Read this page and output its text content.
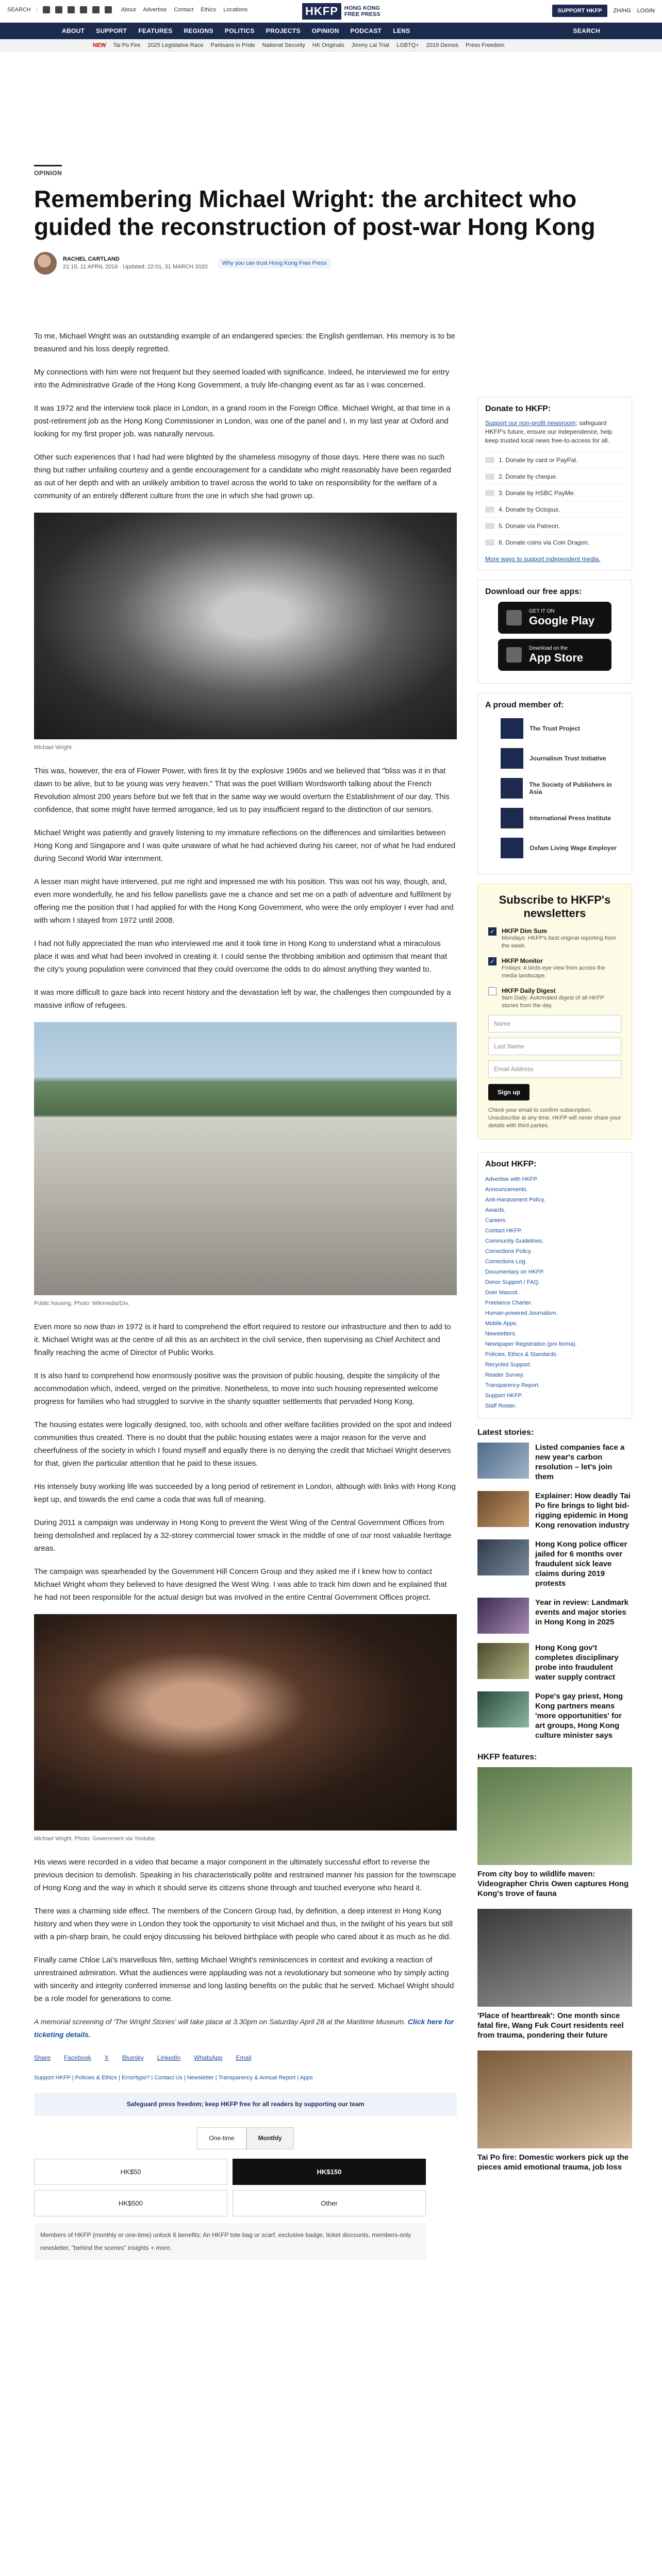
SEARCH |	About Advertise Contact Ethics Locations	HKFP	HONG KONG
FREE PRESS
SUPPORT HKFP	ZH/HG LOGIN
ABOUT SUPPORT FEATURES REGIONS POLITICS PROJECTS OPINION PODCAST LENS	SEARCH
NEW Tai Po Fire 2025 Legislative Race Partisans in Pride National Security HK Originals Jimmy Lai Trial LGBTQ+ 2019 Demos Press Freedom
OPINION
Remembering Michael Wright: the architect who guided the reconstruction of post-war Hong Kong
RACHEL CARTLAND
21:15, 11 APRIL 2018 · Updated: 22:01, 31 MARCH 2020
Why you can trust Hong Kong Free Press

To me, Michael Wright was an outstanding example of an endangered species: the English gentleman. His memory is to be treasured and his loss deeply regretted.

My connections with him were not frequent but they seemed loaded with significance. Indeed, he interviewed me for entry into the Administrative Grade of the Hong Kong Government, a truly life-changing event as far as I was concerned.

It was 1972 and the interview took place in London, in a grand room in the Foreign Office. Michael Wright, at that time in a post-retirement job as the Hong Kong Commissioner in London, was one of the panel and I, in my last year at Oxford and looking for my first proper job, was naturally nervous.

Other such experiences that I had had were blighted by the shameless misogyny of those days. Here there was no such thing but rather unfailing courtesy and a gentle encouragement for a candidate who might reasonably have been regarded as out of her depth and with an unlikely ambition to travel across the world to take on responsibility for the welfare of a community of an entirely different culture from the one in which she had grown up.

Michael Wright.

This was, however, the era of Flower Power, with fires lit by the explosive 1960s and we believed that "bliss was it in that dawn to be alive, but to be young was very heaven." That was the poet William Wordsworth talking about the French Revolution almost 200 years before but we felt that in the same way we would overturn the Establishment of our day. This confidence, that some might have termed arrogance, led us to pay insufficient regard to the distinction of our seniors.

Michael Wright was patiently and gravely listening to my immature reflections on the differences and similarities between Hong Kong and Singapore and I was quite unaware of what he had achieved during his career, nor of what he had endured during Second World War internment.

A lesser man might have intervened, put me right and impressed me with his position. This was not his way, though, and, even more wonderfully, he and his fellow panellists gave me a chance and set me on a path of adventure and fulfilment by offering me the position that I had applied for with the Hong Kong Government, who were the only employer I ever had and with whom I stayed from 1972 until 2008.

I had not fully appreciated the man who interviewed me and it took time in Hong Kong to understand what a miraculous place it was and what had been involved in creating it. I could sense the throbbing ambition and optimism that meant that the city's young population were convinced that they could overcome the odds to do almost anything they wanted to.

It was more difficult to gaze back into recent history and the devastation left by war, the challenges then compounded by a massive inflow of refugees.

Public housing. Photo: Wikimedia/Dix.

Even more so now than in 1972 is it hard to comprehend the effort required to restore our infrastructure and then to add to it. Michael Wright was at the centre of all this as an architect in the civil service, then supervising as Chief Architect and finally reaching the acme of Director of Public Works.

It is also hard to comprehend how enormously positive was the provision of public housing, despite the simplicity of the accommodation which, indeed, verged on the primitive. Nonetheless, to move into such housing represented welcome progress for families who had struggled to survive in the shanty squatter settlements that pervaded Hong Kong.

The housing estates were logically designed, too, with schools and other welfare facilities provided on the spot and indeed communities thus created. There is no doubt that the public housing estates were a major reason for the verve and cheerfulness of the society in which I found myself and equally there is no denying the credit that Michael Wright deserves for that, given the particular attention that he paid to these issues.

His intensely busy working life was succeeded by a long period of retirement in London, although with links with Hong Kong kept up, and towards the end came a coda that was full of meaning.

During 2011 a campaign was underway in Hong Kong to prevent the West Wing of the Central Government Offices from being demolished and replaced by a 32-storey commercial tower smack in the middle of one of our most valuable heritage areas.

The campaign was spearheaded by the Government Hill Concern Group and they asked me if I knew how to contact Michael Wright whom they believed to have designed the West Wing. I was able to track him down and he explained that he had not been responsible for the actual design but was involved in the entire Central Government Offices project.

Michael Wright. Photo: Government via Youtube.

His views were recorded in a video that became a major component in the ultimately successful effort to reverse the previous decision to demolish. Speaking in his characteristically polite and restrained manner his passion for the townscape of Hong Kong and the way in which it should serve its citizens shone through and touched everyone who heard it.

There was a charming side effect. The members of the Concern Group had, by definition, a deep interest in Hong Kong history and when they were in London they took the opportunity to visit Michael and thus, in the twilight of his years but still with a pin-sharp brain, he could enjoy discussing his beloved birthplace with people who cared about it as much as he did.

Finally came Chloe Lai's marvellous film, setting Michael Wright's reminiscences in context and evoking a reaction of unrestrained admiration. What the audiences were applauding was not a revolutionary but someone who by simply acting with sincerity and integrity conferred immense and long lasting benefits on the public that he served. Michael Wright should be a role model for generations to come.

A memorial screening of 'The Wright Stories' will take place at 3.30pm on Saturday April 28 at the Maritime Museum. Click here for ticketing details.

Share Facebook X Bluesky LinkedIn WhatsApp Email
Support HKFP | Policies & Ethics | Error/typo? | Contact Us | Newsletter | Transparency & Annual Report | Apps
Safeguard press freedom; keep HKFP free for all readers by supporting our team
One-time	Monthly
HK$50	HK$150
HK$500	Other
Members of HKFP (monthly or one-time) unlock 6 benefits: An HKFP tote bag or scarf, exclusive badge, ticket discounts, members-only newsletter, "behind the scenes" insights + more.
Donate to HKFP:
Support our non-profit newsroom; safeguard HKFP's future, ensure our independence, help keep trusted local news free-to-access for all.
1. Donate by card or PayPal.
2. Donate by cheque.
3. Donate by HSBC PayMe.
4. Donate by Octopus.
5. Donate via Patreon.
6. Donate coins via Coin Dragon.
More ways to support independent media.
Download our free apps:
GET IT ON
Google Play
Download on the
App Store
A proud member of:
The Trust Project
Journalism Trust Initiative
The Society of Publishers in Asia
International Press Institute
Oxfam Living Wage Employer
Subscribe to HKFP's newsletters
✓ HKFP Dim Sum
Mondays: HKFP's best original reporting from the week.
✓ HKFP Monitor
Fridays: A birds-eye view from across the media landscape.
HKFP Daily Digest
9am Daily: Automated digest of all HKFP stories from the day.
Name
Last Name
Email Address
Sign up
Check your email to confirm subscription. Unsubscribe at any time. HKFP will never share your details with third parties.
About HKFP:
Advertise with HKFP.
Announcements.
Anti-Harassment Policy.
Awards.
Careers.
Contact HKFP.
Community Guidelines.
Corrections Policy.
Corrections Log.
Documentary on HKFP.
Donor Support / FAQ.
Doer Mascot.
Freelance Charter.
Human-powered Journalism.
Mobile Apps.
Newsletters.
Newspaper Registration (pro forma).
Policies, Ethics & Standards.
Recycled Support.
Reader Survey.
Transparency Report.
Support HKFP.
Staff Roster.
Latest stories:
Listed companies face a new year's carbon resolution – let's join them
Explainer: How deadly Tai Po fire brings to light bid-rigging epidemic in Hong Kong renovation industry
Hong Kong police officer jailed for 6 months over fraudulent sick leave claims during 2019 protests
Year in review: Landmark events and major stories in Hong Kong in 2025
Hong Kong gov't completes disciplinary probe into fraudulent water supply contract
Pope's gay priest, Hong Kong partners means 'more opportunities' for art groups, Hong Kong culture minister says
HKFP features:
From city boy to wildlife maven: Videographer Chris Owen captures Hong Kong's trove of fauna
'Place of heartbreak': One month since fatal fire, Wang Fuk Court residents reel from trauma, pondering their future
Tai Po fire: Domestic workers pick up the pieces amid emotional trauma, job loss
